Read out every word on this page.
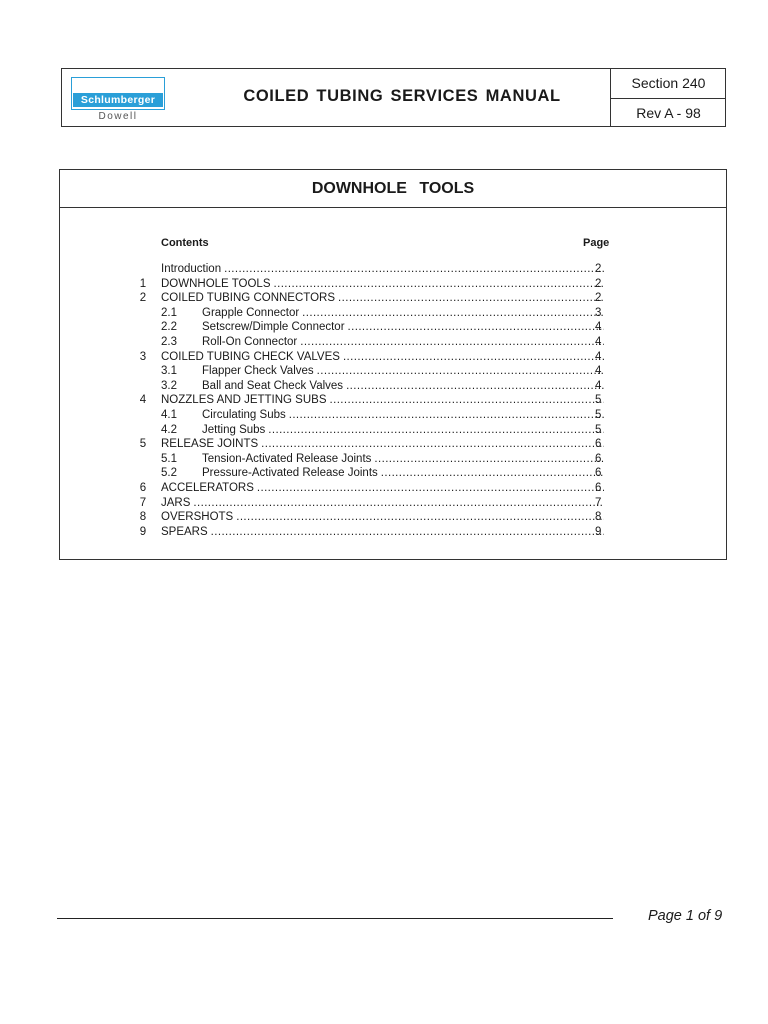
Schlumberger
Dowell
COILED TUBING SERVICES MANUAL
Section 240
Rev A - 98
DOWNHOLE TOOLS
Contents	Page
Introduction .....	2
1	DOWNHOLE TOOLS .....	2
2	COILED TUBING CONNECTORS .....	2
2.1	Grapple Connector .....	3
2.2	Setscrew/Dimple Connector .....	4
2.3	Roll-On Connector .....	4
3	COILED TUBING CHECK VALVES .....	4
3.1	Flapper Check Valves .....	4
3.2	Ball and Seat Check Valves .....	4
4	NOZZLES AND JETTING SUBS .....	5
4.1	Circulating Subs .....	5
4.2	Jetting Subs .....	5
5	RELEASE JOINTS .....	6
5.1	Tension-Activated Release Joints .....	6
5.2	Pressure-Activated Release Joints .....	6
6	ACCELERATORS .....	6
7	JARS .....	7
8	OVERSHOTS .....	8
9	SPEARS .....	9
Page 1 of 9
